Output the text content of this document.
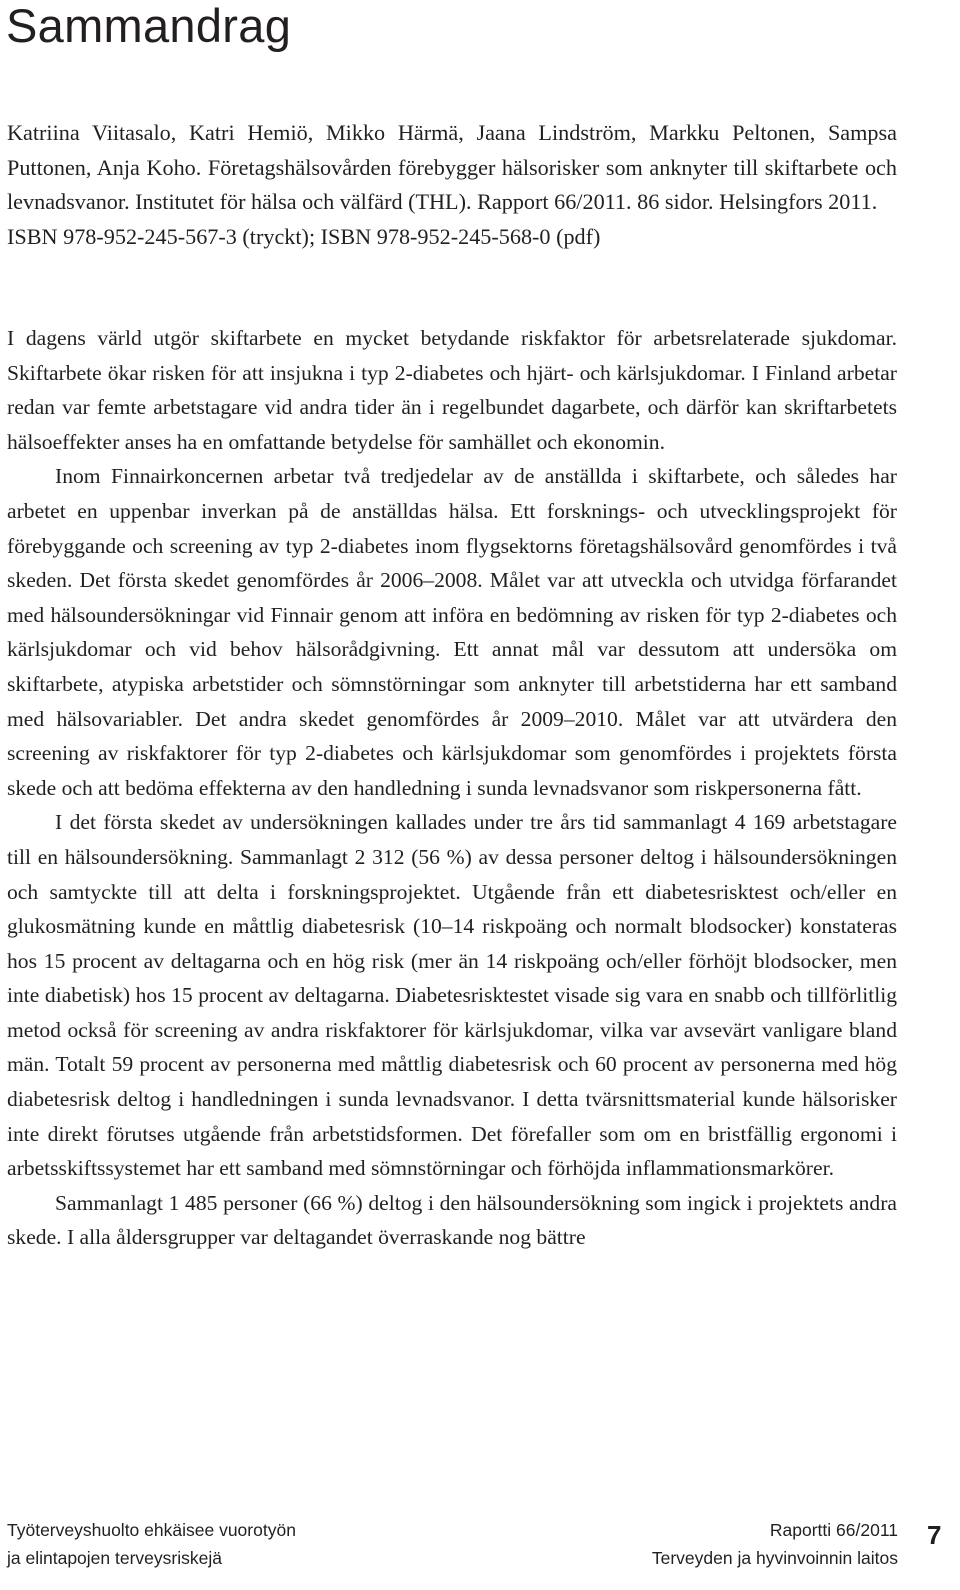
Sammandrag
Katriina Viitasalo, Katri Hemiö, Mikko Härmä, Jaana Lindström, Markku Peltonen, Sampsa Puttonen, Anja Koho. Företagshälsovården förebygger hälsorisker som anknyter till skiftarbete och levnadsvanor. Institutet för hälsa och välfärd (THL). Rapport 66/2011. 86 sidor. Helsingfors 2011.
ISBN 978-952-245-567-3 (tryckt); ISBN 978-952-245-568-0 (pdf)

I dagens värld utgör skiftarbete en mycket betydande riskfaktor för arbetsrelaterade sjukdomar. Skiftarbete ökar risken för att insjukna i typ 2-diabetes och hjärt- och kärlsjukdomar. I Finland arbetar redan var femte arbetstagare vid andra tider än i regelbundet dagarbete, och därför kan skriftarbetets hälsoeffekter anses ha en omfattande betydelse för samhället och ekonomin.

Inom Finnairkoncernen arbetar två tredjedelar av de anställda i skiftarbete, och således har arbetet en uppenbar inverkan på de anställdas hälsa. Ett forsknings- och utvecklingsprojekt för förebyggande och screening av typ 2-diabetes inom flygsektorns företagshälsovård genomfördes i två skeden. Det första skedet genomfördes år 2006–2008. Målet var att utveckla och utvidga förfarandet med hälsoundersökningar vid Finnair genom att införa en bedömning av risken för typ 2-diabetes och kärlsjukdomar och vid behov hälsorådgivning. Ett annat mål var dessutom att undersöka om skiftarbete, atypiska arbetstider och sömnstörningar som anknyter till arbetstiderna har ett samband med hälsovariabler. Det andra skedet genomfördes år 2009–2010. Målet var att utvärdera den screening av riskfaktorer för typ 2-diabetes och kärlsjukdomar som genomfördes i projektets första skede och att bedöma effekterna av den handledning i sunda levnadsvanor som riskpersonerna fått.

I det första skedet av undersökningen kallades under tre års tid sammanlagt 4 169 arbetstagare till en hälsoundersökning. Sammanlagt 2 312 (56 %) av dessa personer deltog i hälsoundersökningen och samtyckte till att delta i forskningsprojektet. Utgående från ett diabetesrisktest och/eller en glukosmätning kunde en måttlig diabetesrisk (10–14 riskpoäng och normalt blodsocker) konstateras hos 15 procent av deltagarna och en hög risk (mer än 14 riskpoäng och/eller förhöjt blodsocker, men inte diabetisk) hos 15 procent av deltagarna. Diabetesrisktestet visade sig vara en snabb och tillförlitlig metod också för screening av andra riskfaktorer för kärlsjukdomar, vilka var avsevärt vanligare bland män. Totalt 59 procent av personerna med måttlig diabetesrisk och 60 procent av personerna med hög diabetesrisk deltog i handledningen i sunda levnadsvanor. I detta tvärsnittsmaterial kunde hälsorisker inte direkt förutses utgående från arbetstidsformen. Det förefaller som om en bristfällig ergonomi i arbetsskiftssystemet har ett samband med sömnstörningar och förhöjda inflammationsmarkörer.

Sammanlagt 1 485 personer (66 %) deltog i den hälsoundersökning som ingick i projektets andra skede. I alla åldersgrupper var deltagandet överraskande nog bättre

Työterveyshuolto ehkäisee vuorotyön
ja elintapojen terveysriskejä
Raportti 66/2011
Terveyden ja hyvinvoinnin laitos
7
